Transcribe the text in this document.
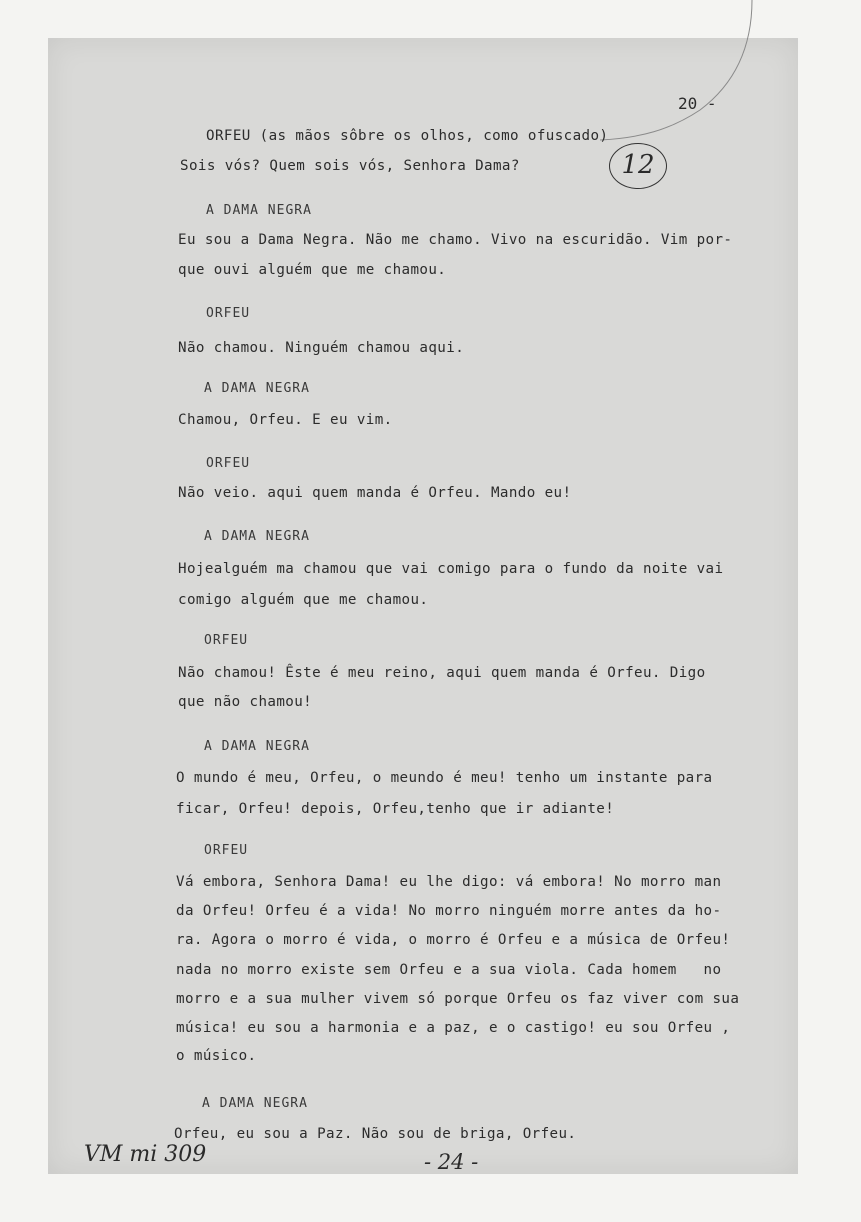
20 -
12
ORFEU (as mãos sôbre os olhos, como ofuscado)
Sois vós? Quem sois vós, Senhora Dama?
A DAMA NEGRA
Eu sou a Dama Negra. Não me chamo. Vivo na escuridão. Vim por-
que ouvi alguém que me chamou.
ORFEU
Não chamou. Ninguém chamou aqui.
A DAMA NEGRA
Chamou, Orfeu. E eu vim.
ORFEU
Não veio. aqui quem manda é Orfeu. Mando eu!
A DAMA NEGRA
Hojealguém ma chamou que vai comigo para o fundo da noite vai
comigo alguém que me chamou.
ORFEU
Não chamou! Êste é meu reino, aqui quem manda é Orfeu. Digo
que não chamou!
A DAMA NEGRA
O mundo é meu, Orfeu, o meundo é meu! tenho um instante para
ficar, Orfeu! depois, Orfeu,tenho que ir adiante!
ORFEU
Vá embora, Senhora Dama! eu lhe digo: vá embora! No morro man
da Orfeu! Orfeu é a vida! No morro ninguém morre antes da ho-
ra. Agora o morro é vida, o morro é Orfeu e a música de Orfeu!
nada no morro existe sem Orfeu e a sua viola. Cada homem   no
morro e a sua mulher vivem só porque Orfeu os faz viver com sua
música! eu sou a harmonia e a paz, e o castigo! eu sou Orfeu ,
o músico.
A DAMA NEGRA
Orfeu, eu sou a Paz. Não sou de briga, Orfeu.
VM mi 309	- 24 -
